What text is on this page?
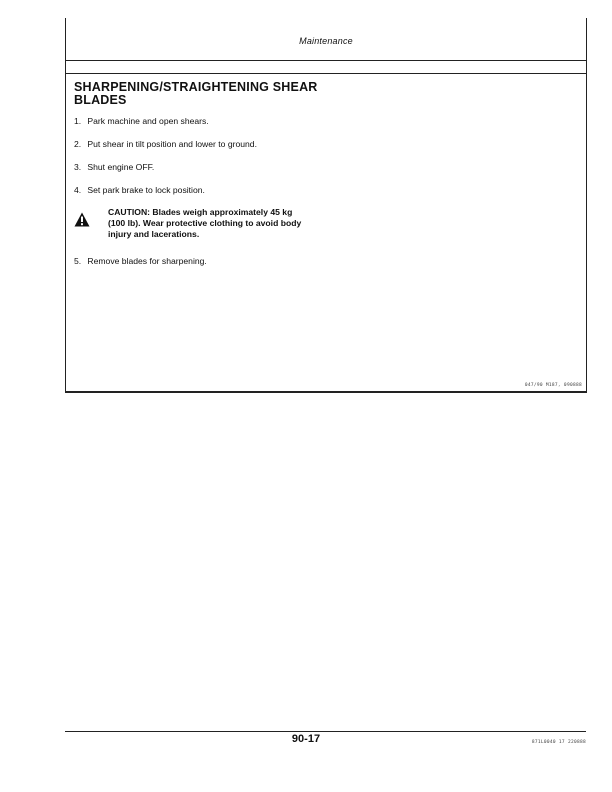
Maintenance
SHARPENING/STRAIGHTENING SHEAR
BLADES
1. Park machine and open shears.
2. Put shear in tilt position and lower to ground.
3. Shut engine OFF.
4. Set park brake to lock position.
5. Remove blades for sharpening.
CAUTION: Blades weigh approximately 45 kg
(100 lb). Wear protective clothing to avoid body
injury and lacerations.
047/90 M187, 090888
90-17	871L0040 17 220888
